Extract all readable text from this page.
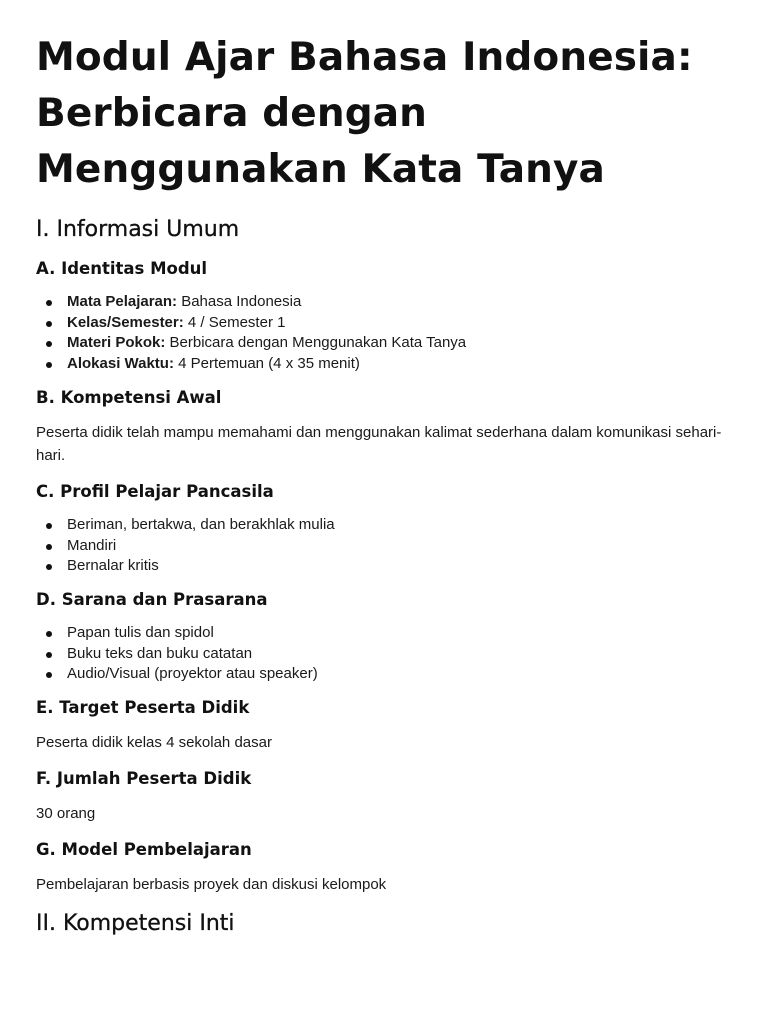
Modul Ajar Bahasa Indonesia: Berbicara dengan Menggunakan Kata Tanya
I. Informasi Umum
A. Identitas Modul
Mata Pelajaran: Bahasa Indonesia
Kelas/Semester: 4 / Semester 1
Materi Pokok: Berbicara dengan Menggunakan Kata Tanya
Alokasi Waktu: 4 Pertemuan (4 x 35 menit)
B. Kompetensi Awal

Peserta didik telah mampu memahami dan menggunakan kalimat sederhana dalam komunikasi sehari-hari.

C. Profil Pelajar Pancasila
Beriman, bertakwa, dan berakhlak mulia
Mandiri
Bernalar kritis
D. Sarana dan Prasarana
Papan tulis dan spidol
Buku teks dan buku catatan
Audio/Visual (proyektor atau speaker)
E. Target Peserta Didik

Peserta didik kelas 4 sekolah dasar

F. Jumlah Peserta Didik

30 orang

G. Model Pembelajaran

Pembelajaran berbasis proyek dan diskusi kelompok

II. Kompetensi Inti
